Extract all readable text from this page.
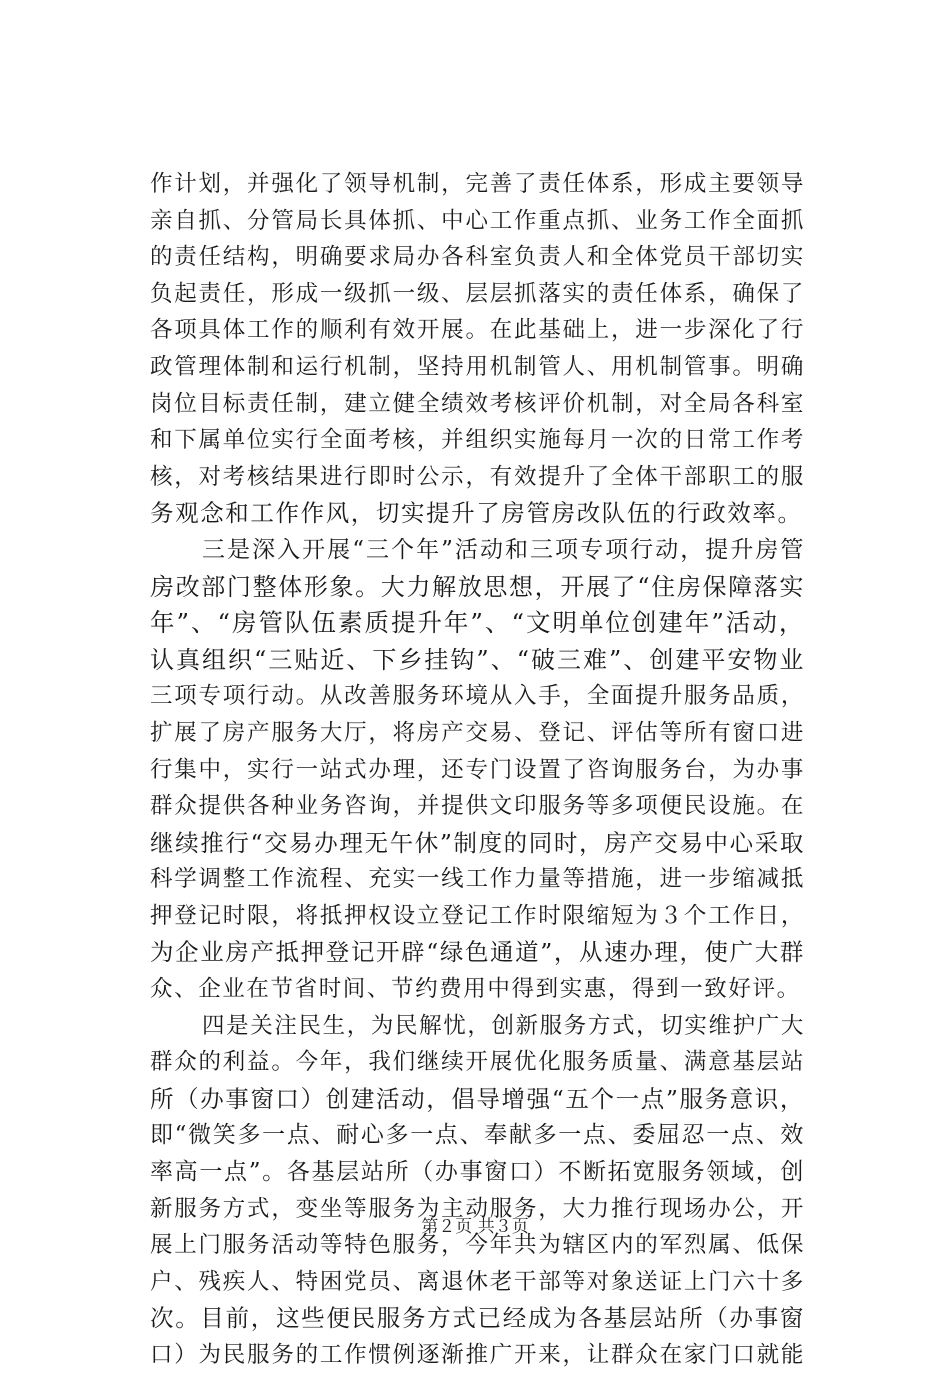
作计划，并强化了领导机制，完善了责任体系，形成主要领导
亲自抓、分管局长具体抓、中心工作重点抓、业务工作全面抓
的责任结构，明确要求局办各科室负责人和全体党员干部切实
负起责任，形成一级抓一级、层层抓落实的责任体系，确保了
各项具体工作的顺利有效开展。在此基础上，进一步深化了行
政管理体制和运行机制，坚持用机制管人、用机制管事。明确
岗位目标责任制，建立健全绩效考核评价机制，对全局各科室
和下属单位实行全面考核，并组织实施每月一次的日常工作考
核，对考核结果进行即时公示，有效提升了全体干部职工的服
务观念和工作作风，切实提升了房管房改队伍的行政效率。
三是深入开展“三个年”活动和三项专项行动，提升房管
房改部门整体形象。大力解放思想，开展了“住房保障落实
年”、“房管队伍素质提升年”、“文明单位创建年”活动，
认真组织“三贴近、下乡挂钩”、“破三难”、创建平安物业
三项专项行动。从改善服务环境从入手，全面提升服务品质，
扩展了房产服务大厅，将房产交易、登记、评估等所有窗口进
行集中，实行一站式办理，还专门设置了咨询服务台，为办事
群众提供各种业务咨询，并提供文印服务等多项便民设施。在
继续推行“交易办理无午休”制度的同时，房产交易中心采取
科学调整工作流程、充实一线工作力量等措施，进一步缩减抵
押登记时限，将抵押权设立登记工作时限缩短为３个工作日，
为企业房产抵押登记开辟“绿色通道”，从速办理，使广大群
众、企业在节省时间、节约费用中得到实惠，得到一致好评。
四是关注民生，为民解忧，创新服务方式，切实维护广大
群众的利益。今年，我们继续开展优化服务质量、满意基层站
所（办事窗口）创建活动，倡导增强“五个一点”服务意识，
即“微笑多一点、耐心多一点、奉献多一点、委屈忍一点、效
率高一点”。各基层站所（办事窗口）不断拓宽服务领域，创
新服务方式，变坐等服务为主动服务，大力推行现场办公，开
展上门服务活动等特色服务，今年共为辖区内的军烈属、低保
户、残疾人、特困党员、离退休老干部等对象送证上门六十多
次。目前，这些便民服务方式已经成为各基层站所（办事窗
口）为民服务的工作惯例逐渐推广开来，让群众在家门口就能
第２页 共３页
